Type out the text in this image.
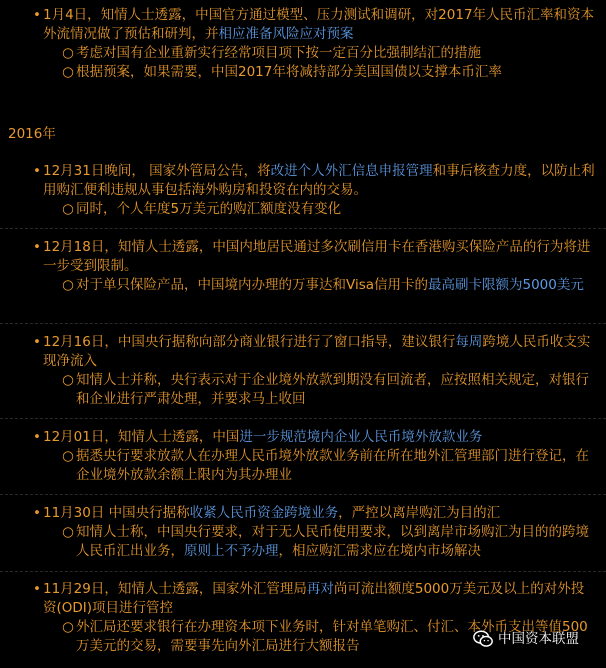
• 1月4日，知情人士透露，中国官方通过模型、压力测试和调研，对2017年人民币汇率和资本外流情况做了预估和研判，并相应准备风险应对预案
○ 考虑对国有企业重新实行经常项目项下按一定百分比强制结汇的措施
○ 根据预案，如果需要，中国2017年将减持部分美国国债以支撑本币汇率
2016年
• 12月31日晚间， 国家外管局公告，将改进个人外汇信息申报管理和事后核查力度，以防止利用购汇便利违规从事包括海外购房和投资在内的交易。
○ 同时，个人年度5万美元的购汇额度没有变化
• 12月18日，知情人士透露，中国内地居民通过多次刷信用卡在香港购买保险产品的行为将进一步受到限制。
○ 对于单只保险产品，中国境内办理的万事达和Visa信用卡的最高刷卡限额为5000美元
• 12月16日，中国央行据称向部分商业银行进行了窗口指导，建议银行每周跨境人民币收支实现净流入
○ 知情人士并称，央行表示对于企业境外放款到期没有回流者，应按照相关规定，对银行和企业进行严肃处理，并要求马上收回
• 12月01日，知情人士透露，中国进一步规范境内企业人民币境外放款业务
○ 据悉央行要求放款人在办理人民币境外放款业务前在所在地外汇管理部门进行登记，在企业境外放款余额上限内为其办理业
• 11月30日 中国央行据称收紧人民币资金跨境业务，严控以离岸购汇为目的汇
○ 知情人士称，中国央行要求，对于无人民币使用要求，以到离岸市场购汇为目的的跨境人民币汇出业务，原则上不予办理，相应购汇需求应在境内市场解决
• 11月29日，知情人士透露，国家外汇管理局再对尚可流出额度5000万美元及以上的对外投资(ODI)项目进行管控
○ 外汇局还要求银行在办理资本项下业务时，针对单笔购汇、付汇、本外币支出等值500万美元的交易，需要事先向外汇局进行大额报告	中国资本联盟
